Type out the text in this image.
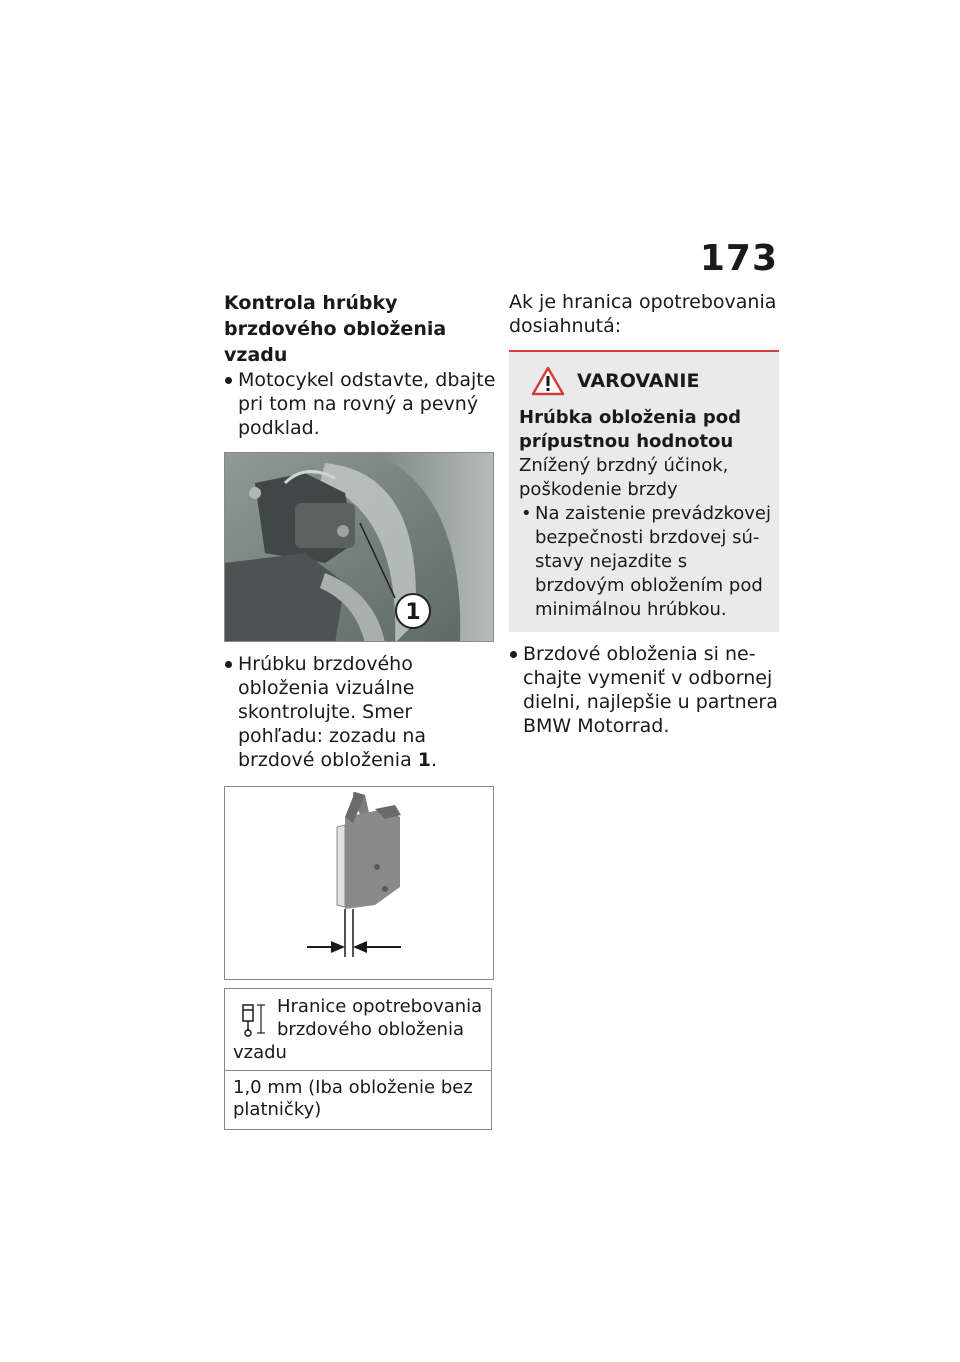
173

Kontrola hrúbky brzdového obloženia vzadu

Motocykel odstavte, dbajte pri tom na rovný a pevný podklad.

1

Hrúbku brzdového obloženia vizuálne skontrolujte. Smer pohľadu: zozadu na brzdové obloženia 1.

Hranice opotrebovania brzdového obloženia vzadu
1,0 mm (Iba obloženie bez platničky)

Ak je hranica opotrebovania dosiahnutá:

VAROVANIE

Hrúbka obloženia pod prípustnou hodnotou

Znížený brzdný účinok, poškodenie brzdy

• Na zaistenie prevádzkovej bezpečnosti brzdovej sústavy nejazdite s brzdovým obložením pod minimálnou hrúbkou.

Brzdové obloženia si nechajte vymeniť v odbornej dielni, najlepšie u partnera BMW Motorrad.
